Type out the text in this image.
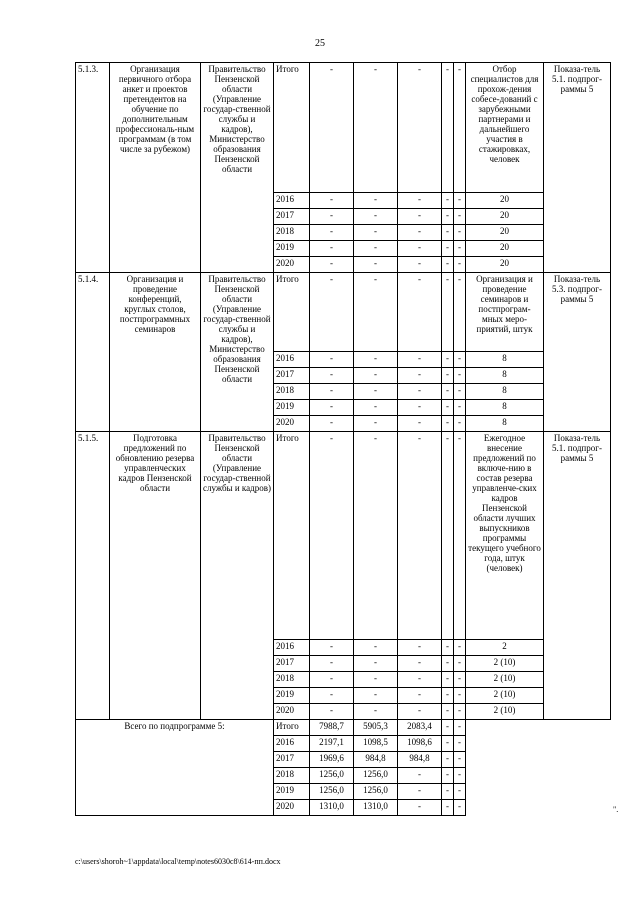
25
5.1.3.	Организация первичного отбора анкет и проектов претендентов на обучение по дополнительным профессиональ-ным программам (в том числе за рубежом)	Правительство Пензенской области (Управление государ-ственной службы и кадров), Министерство образования Пензенской области	Итого	-	-	-	-	-	Отбор специалистов для прохож-дения собесе-дований с зарубежными партнерами и дальнейшего участия в стажировках, человек	Показа-тель 5.1. подпрог-раммы 5
			2016	-	-	-	-	-	20	
			2017	-	-	-	-	-	20	
			2018	-	-	-	-	-	20	
			2019	-	-	-	-	-	20	
			2020	-	-	-	-	-	20	
5.1.4.	Организация и проведение конференций, круглых столов, постпрограммных семинаров	Правительство Пензенской области (Управление государ-ственной службы и кадров), Министерство образования Пензенской области	Итого	-	-	-	-	-	Организация и проведение семинаров и постпрограм-мных меро-приятий, штук	Показа-тель 5.3. подпрог-раммы 5
			2016	-	-	-	-	-	8	
			2017	-	-	-	-	-	8	
			2018	-	-	-	-	-	8	
			2019	-	-	-	-	-	8	
			2020	-	-	-	-	-	8	
5.1.5.	Подготовка предложений по обновлению резерва управленческих кадров Пензенской области	Правительство Пензенской области (Управление государ-ственной службы и кадров)	Итого	-	-	-	-	-	Ежегодное внесение предложений по включе-нию в состав резерва управленче-ских кадров Пензенской области лучших выпускников программы текущего учебного года, штук (человек)	Показа-тель 5.1. подпрог-раммы 5
			2016	-	-	-	-	-	2	
			2017	-	-	-	-	-	2 (10)	
			2018	-	-	-	-	-	2 (10)	
			2019	-	-	-	-	-	2 (10)	
			2020	-	-	-	-	-	2 (10)	
Всего по подпрограмме 5:			Итого	7988,7	5905,3	2083,4	-	-		
			2016	2197,1	1098,5	1098,6	-	-		
			2017	1969,6	984,8	984,8	-	-		
			2018	1256,0	1256,0	-	-	-		
			2019	1256,0	1256,0	-	-	-		
			2020	1310,0	1310,0	-	-	-			".
c:\users\shoroh~1\appdata\local\temp\notes6030c8\614-пп.docx
